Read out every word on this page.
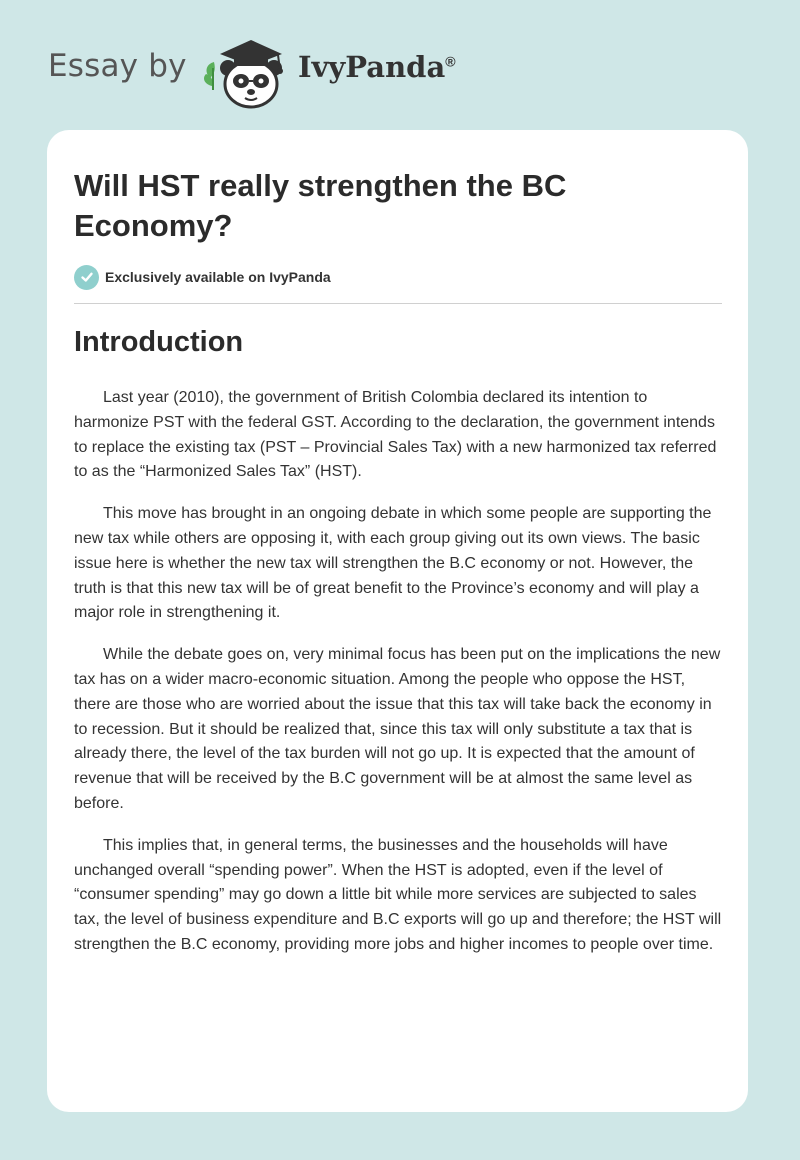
Essay by	IvyPanda®
Will HST really strengthen the BC Economy?
Exclusively available on IvyPanda
Introduction

Last year (2010), the government of British Colombia declared its intention to harmonize PST with the federal GST. According to the declaration, the government intends to replace the existing tax (PST – Provincial Sales Tax) with a new harmonized tax referred to as the “Harmonized Sales Tax” (HST).

This move has brought in an ongoing debate in which some people are supporting the new tax while others are opposing it, with each group giving out its own views. The basic issue here is whether the new tax will strengthen the B.C economy or not. However, the truth is that this new tax will be of great benefit to the Province’s economy and will play a major role in strengthening it.

While the debate goes on, very minimal focus has been put on the implications the new tax has on a wider macro-economic situation. Among the people who oppose the HST, there are those who are worried about the issue that this tax will take back the economy in to recession. But it should be realized that, since this tax will only substitute a tax that is already there, the level of the tax burden will not go up. It is expected that the amount of revenue that will be received by the B.C government will be at almost the same level as before.

This implies that, in general terms, the businesses and the households will have unchanged overall “spending power”. When the HST is adopted, even if the level of “consumer spending” may go down a little bit while more services are subjected to sales tax, the level of business expenditure and B.C exports will go up and therefore; the HST will strengthen the B.C economy, providing more jobs and higher incomes to people over time.
